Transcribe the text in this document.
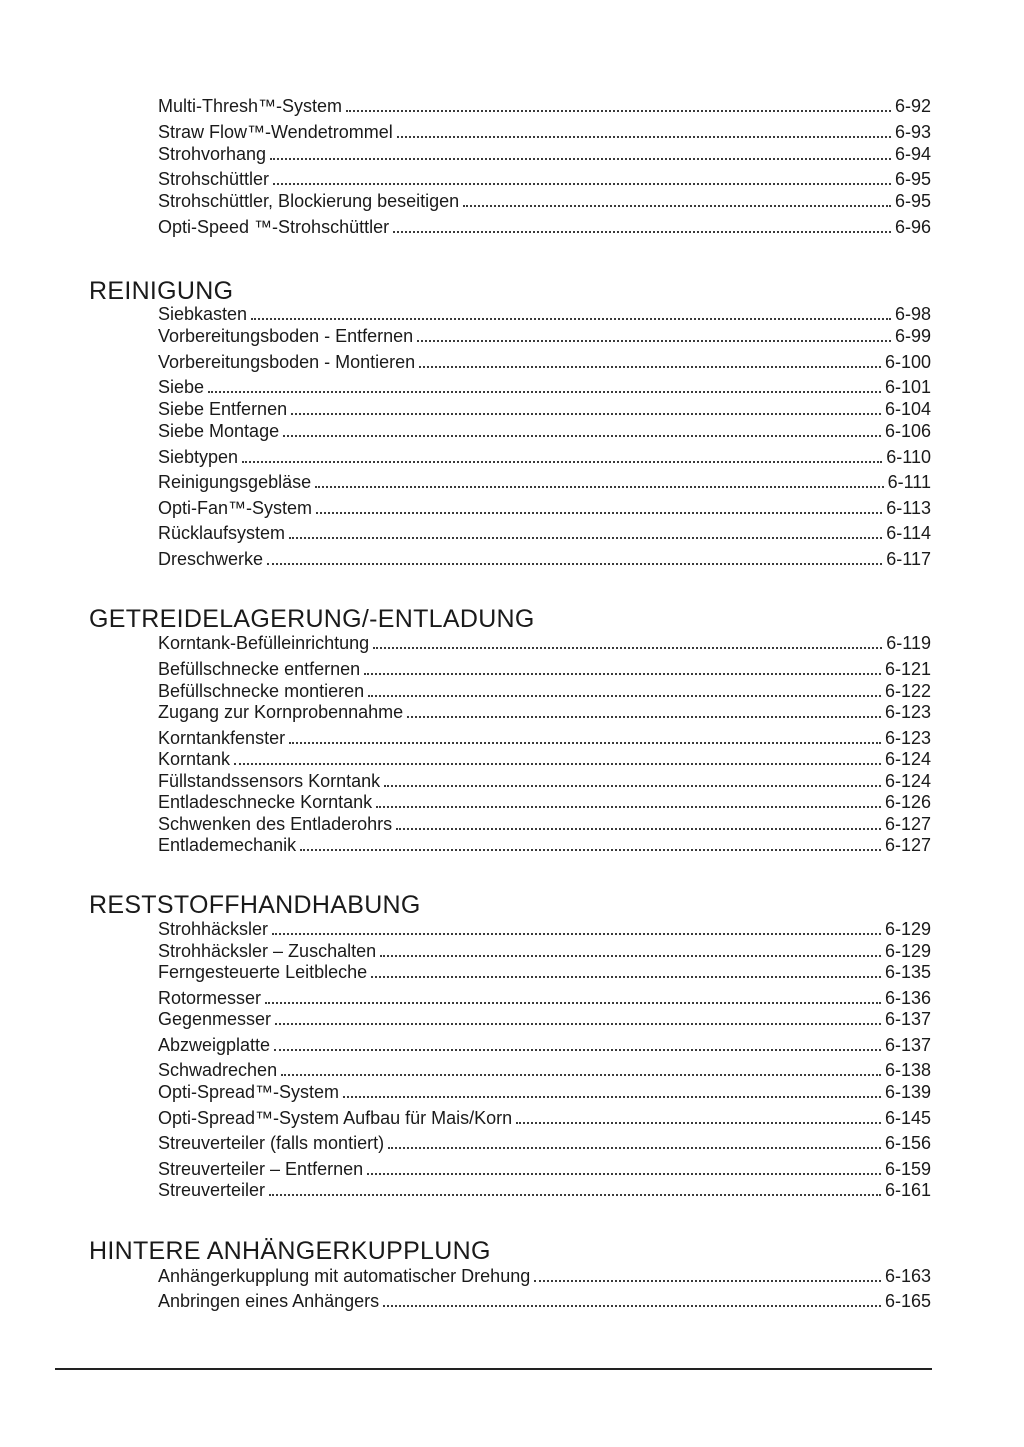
Multi-Thresh™-System	6-92
Straw Flow™-Wendetrommel	6-93
Strohvorhang	6-94
Strohschüttler	6-95
Strohschüttler, Blockierung beseitigen	6-95
Opti-Speed ™-Strohschüttler	6-96
REINIGUNG
Siebkasten	6-98
Vorbereitungsboden - Entfernen	6-99
Vorbereitungsboden - Montieren	6-100
Siebe	6-101
Siebe Entfernen	6-104
Siebe Montage	6-106
Siebtypen	6-110
Reinigungsgebläse	6-111
Opti-Fan™-System	6-113
Rücklaufsystem	6-114
Dreschwerke	6-117
GETREIDELAGERUNG/-ENTLADUNG
Korntank-Befülleinrichtung	6-119
Befüllschnecke entfernen	6-121
Befüllschnecke montieren	6-122
Zugang zur Kornprobennahme	6-123
Korntankfenster	6-123
Korntank	6-124
Füllstandssensors Korntank	6-124
Entladeschnecke Korntank	6-126
Schwenken des Entladerohrs	6-127
Entlademechanik	6-127
RESTSTOFFHANDHABUNG
Strohhäcksler	6-129
Strohhäcksler – Zuschalten	6-129
Ferngesteuerte Leitbleche	6-135
Rotormesser	6-136
Gegenmesser	6-137
Abzweigplatte	6-137
Schwadrechen	6-138
Opti-Spread™-System	6-139
Opti-Spread™-System Aufbau für Mais/Korn	6-145
Streuverteiler (falls montiert)	6-156
Streuverteiler – Entfernen	6-159
Streuverteiler	6-161
HINTERE ANHÄNGERKUPPLUNG
Anhängerkupplung mit automatischer Drehung	6-163
Anbringen eines Anhängers	6-165
